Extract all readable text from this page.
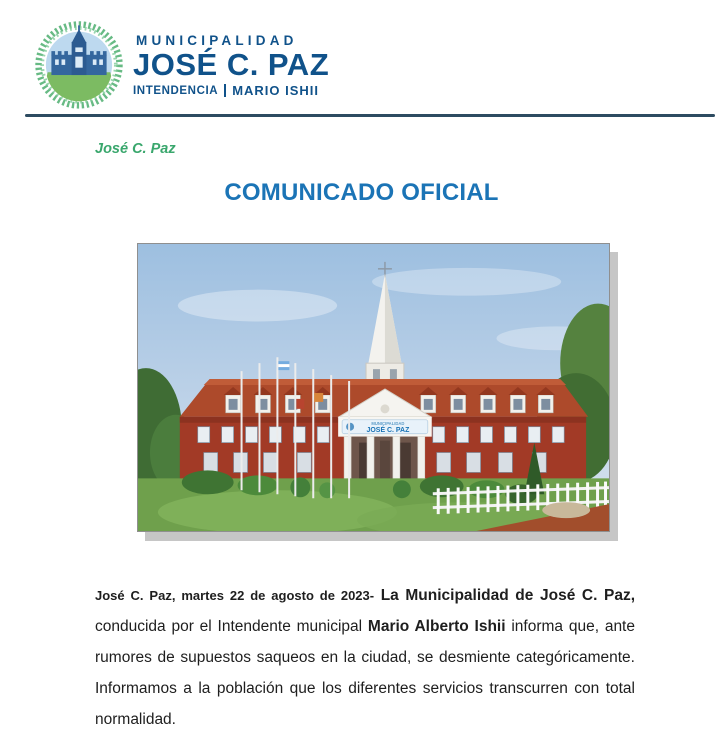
MUNICIPALIDAD
JOSÉ C. PAZ
INTENDENCIA MARIO ISHII
José C. Paz
COMUNICADO OFICIAL
MUNICIPALIDAD
JOSÉ C. PAZ

José C. Paz, martes 22 de agosto de 2023- La Municipalidad de José C. Paz, conducida por el Intendente municipal Mario Alberto Ishii informa que, ante rumores de supuestos saqueos en la ciudad, se desmiente categóricamente. Informamos a la población que los diferentes servicios transcurren con total normalidad.
